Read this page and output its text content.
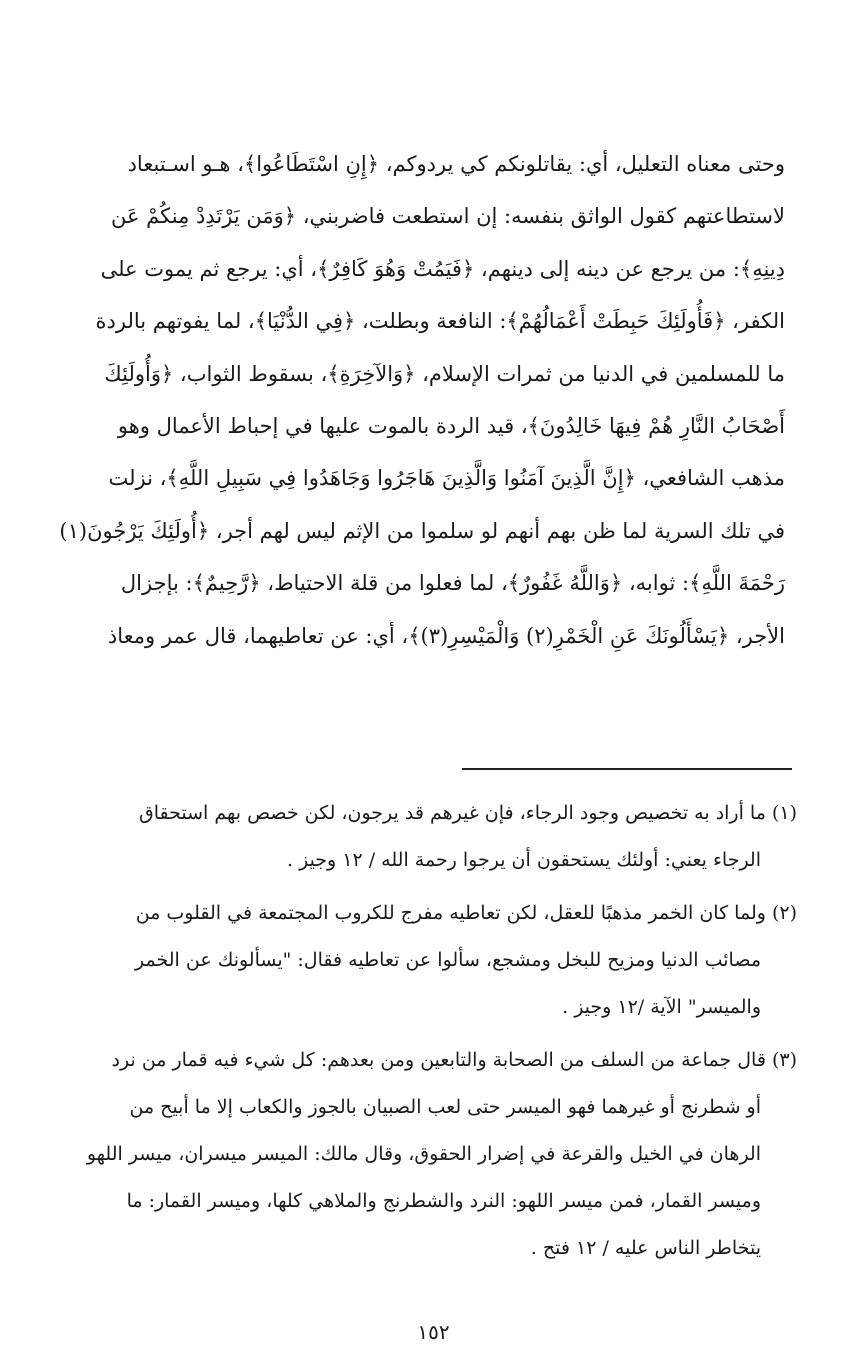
وحتى معناه التعليل، أي: يقاتلونكم كي يردوكم، ﴿إِنِ اسْتَطَاعُوا﴾، هـو اسـتبعاد
لاستطاعتهم كقول الواثق بنفسه: إن استطعت فاضربني، ﴿وَمَن يَرْتَدِدْ مِنكُمْ عَن
دِينِهِ﴾: من يرجع عن دينه إلى دينهم، ﴿فَيَمُتْ وَهُوَ كَافِرٌ﴾، أي: يرجع ثم يموت على
الكفر، ﴿فَأُولَئِكَ حَبِطَتْ أَعْمَالُهُمْ﴾: النافعة وبطلت، ﴿فِي الدُّنْيَا﴾، لما يفوتهم بالردة
ما للمسلمين في الدنيا من ثمرات الإسلام، ﴿وَالآخِرَةِ﴾، بسقوط الثواب، ﴿وَأُولَئِكَ
أَصْحَابُ النَّارِ هُمْ فِيهَا خَالِدُونَ﴾، قيد الردة بالموت عليها في إحباط الأعمال وهو
مذهب الشافعي، ﴿إِنَّ الَّذِينَ آمَنُوا وَالَّذِينَ هَاجَرُوا وَجَاهَدُوا فِي سَبِيلِ اللَّهِ﴾، نزلت
في تلك السرية لما ظن بهم أنهم لو سلموا من الإثم ليس لهم أجر، ﴿أُولَئِكَ يَرْجُونَ(١)
رَحْمَةَ اللَّهِ﴾: ثوابه، ﴿وَاللَّهُ غَفُورٌ﴾، لما فعلوا من قلة الاحتياط، ﴿رَّحِيمٌ﴾: بإجزال
الأجر، ﴿يَسْأَلُونَكَ عَنِ الْخَمْرِ(٢) وَالْمَيْسِرِ(٣)﴾، أي: عن تعاطيهما، قال عمر ومعاذ
(١) ما أراد به تخصيص وجود الرجاء، فإن غيرهم قد يرجون، لكن خصص بهم استحقاق
الرجاء يعني: أولئك يستحقون أن يرجوا رحمة الله / ١٢ وجيز .
(٢) ولما كان الخمر مذهبًا للعقل، لكن تعاطيه مفرج للكروب المجتمعة في القلوب من
مصائب الدنيا ومزيح للبخل ومشجع، سألوا عن تعاطيه فقال: "يسألونك عن الخمر
والميسر" الآية /١٢ وجيز .
(٣) قال جماعة من السلف من الصحابة والتابعين ومن بعدهم: كل شيء فيه قمار من نرد
أو شطرنج أو غيرهما فهو الميسر حتى لعب الصبيان بالجوز والكعاب إلا ما أبيح من
الرهان في الخيل والقرعة في إضرار الحقوق، وقال مالك: الميسر ميسران، ميسر اللهو
وميسر القمار، فمن ميسر اللهو: النرد والشطرنج والملاهي كلها، وميسر القمار: ما
يتخاطر الناس عليه / ١٢ فتح .
١٥٢
